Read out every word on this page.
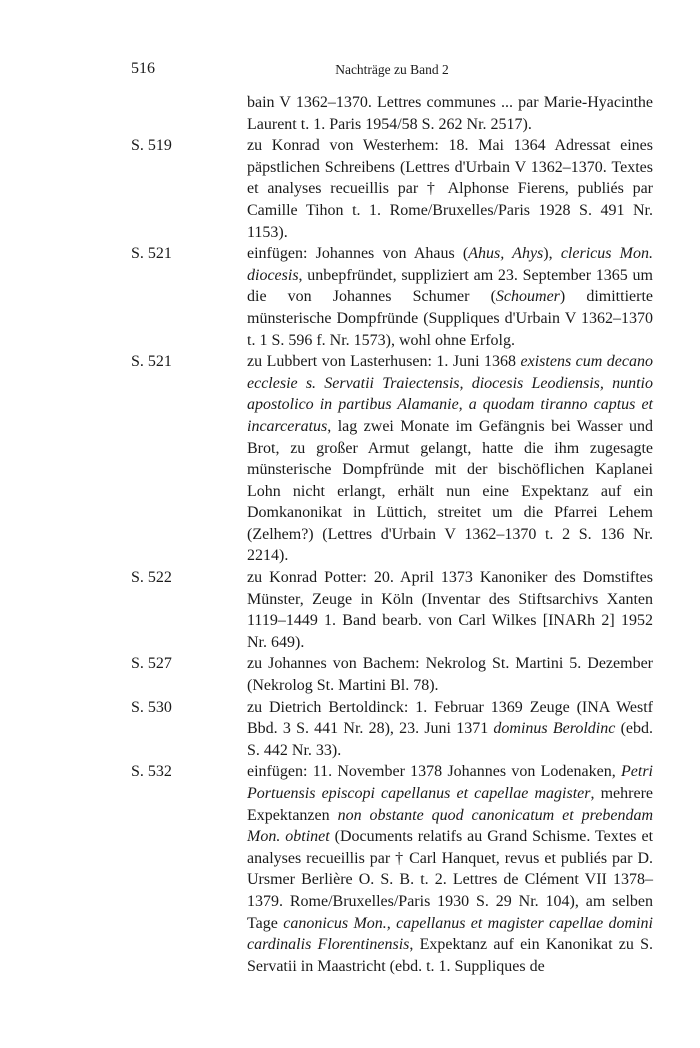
516	Nachträge zu Band 2
bain V 1362–1370. Lettres communes ... par Marie-Hyacinthe Laurent t. 1. Paris 1954/58 S. 262 Nr. 2517).
S. 519	zu Konrad von Westerhem: 18. Mai 1364 Adressat eines päpstlichen Schreibens (Lettres d'Urbain V 1362–1370. Textes et analyses recueillis par † Alphonse Fierens, publiés par Camille Tihon t. 1. Rome/Bruxelles/Paris 1928 S. 491 Nr. 1153).
S. 521	einfügen: Johannes von Ahaus (Ahus, Ahys), clericus Mon. diocesis, unbepfründet, suppliziert am 23. September 1365 um die von Johannes Schumer (Schoumer) dimittierte münsterische Dompfründe (Suppliques d'Urbain V 1362–1370 t. 1 S. 596 f. Nr. 1573), wohl ohne Erfolg.
S. 521	zu Lubbert von Lasterhusen: 1. Juni 1368 existens cum decano ecclesie s. Servatii Traiectensis, diocesis Leodiensis, nuntio apostolico in partibus Alamanie, a quodam tiranno captus et incarceratus, lag zwei Monate im Gefängnis bei Wasser und Brot, zu großer Armut gelangt, hatte die ihm zugesagte münsterische Dompfründe mit der bischöflichen Kaplanei Lohn nicht erlangt, erhält nun eine Expektanz auf ein Domkanonikat in Lüttich, streitet um die Pfarrei Lehem (Zelhem?) (Lettres d'Urbain V 1362–1370 t. 2 S. 136 Nr. 2214).
S. 522	zu Konrad Potter: 20. April 1373 Kanoniker des Domstiftes Münster, Zeuge in Köln (Inventar des Stiftsarchivs Xanten 1119–1449 1. Band bearb. von Carl Wilkes [INARh 2] 1952 Nr. 649).
S. 527	zu Johannes von Bachem: Nekrolog St. Martini 5. Dezember (Nekrolog St. Martini Bl. 78).
S. 530	zu Dietrich Bertoldinck: 1. Februar 1369 Zeuge (INA Westf Bbd. 3 S. 441 Nr. 28), 23. Juni 1371 dominus Beroldinc (ebd. S. 442 Nr. 33).
S. 532	einfügen: 11. November 1378 Johannes von Lodenaken, Petri Portuensis episcopi capellanus et capellae magister, mehrere Expektanzen non obstante quod canonicatum et prebendam Mon. obtinet (Documents relatifs au Grand Schisme. Textes et analyses recueillis par † Carl Hanquet, revus et publiés par D. Ursmer Berlière O. S. B. t. 2. Lettres de Clément VII 1378–1379. Rome/Bruxelles/Paris 1930 S. 29 Nr. 104), am selben Tage canonicus Mon., capellanus et magister capellae domini cardinalis Florentinensis, Expektanz auf ein Kanonikat zu S. Servatii in Maastricht (ebd. t. 1. Suppliques de
